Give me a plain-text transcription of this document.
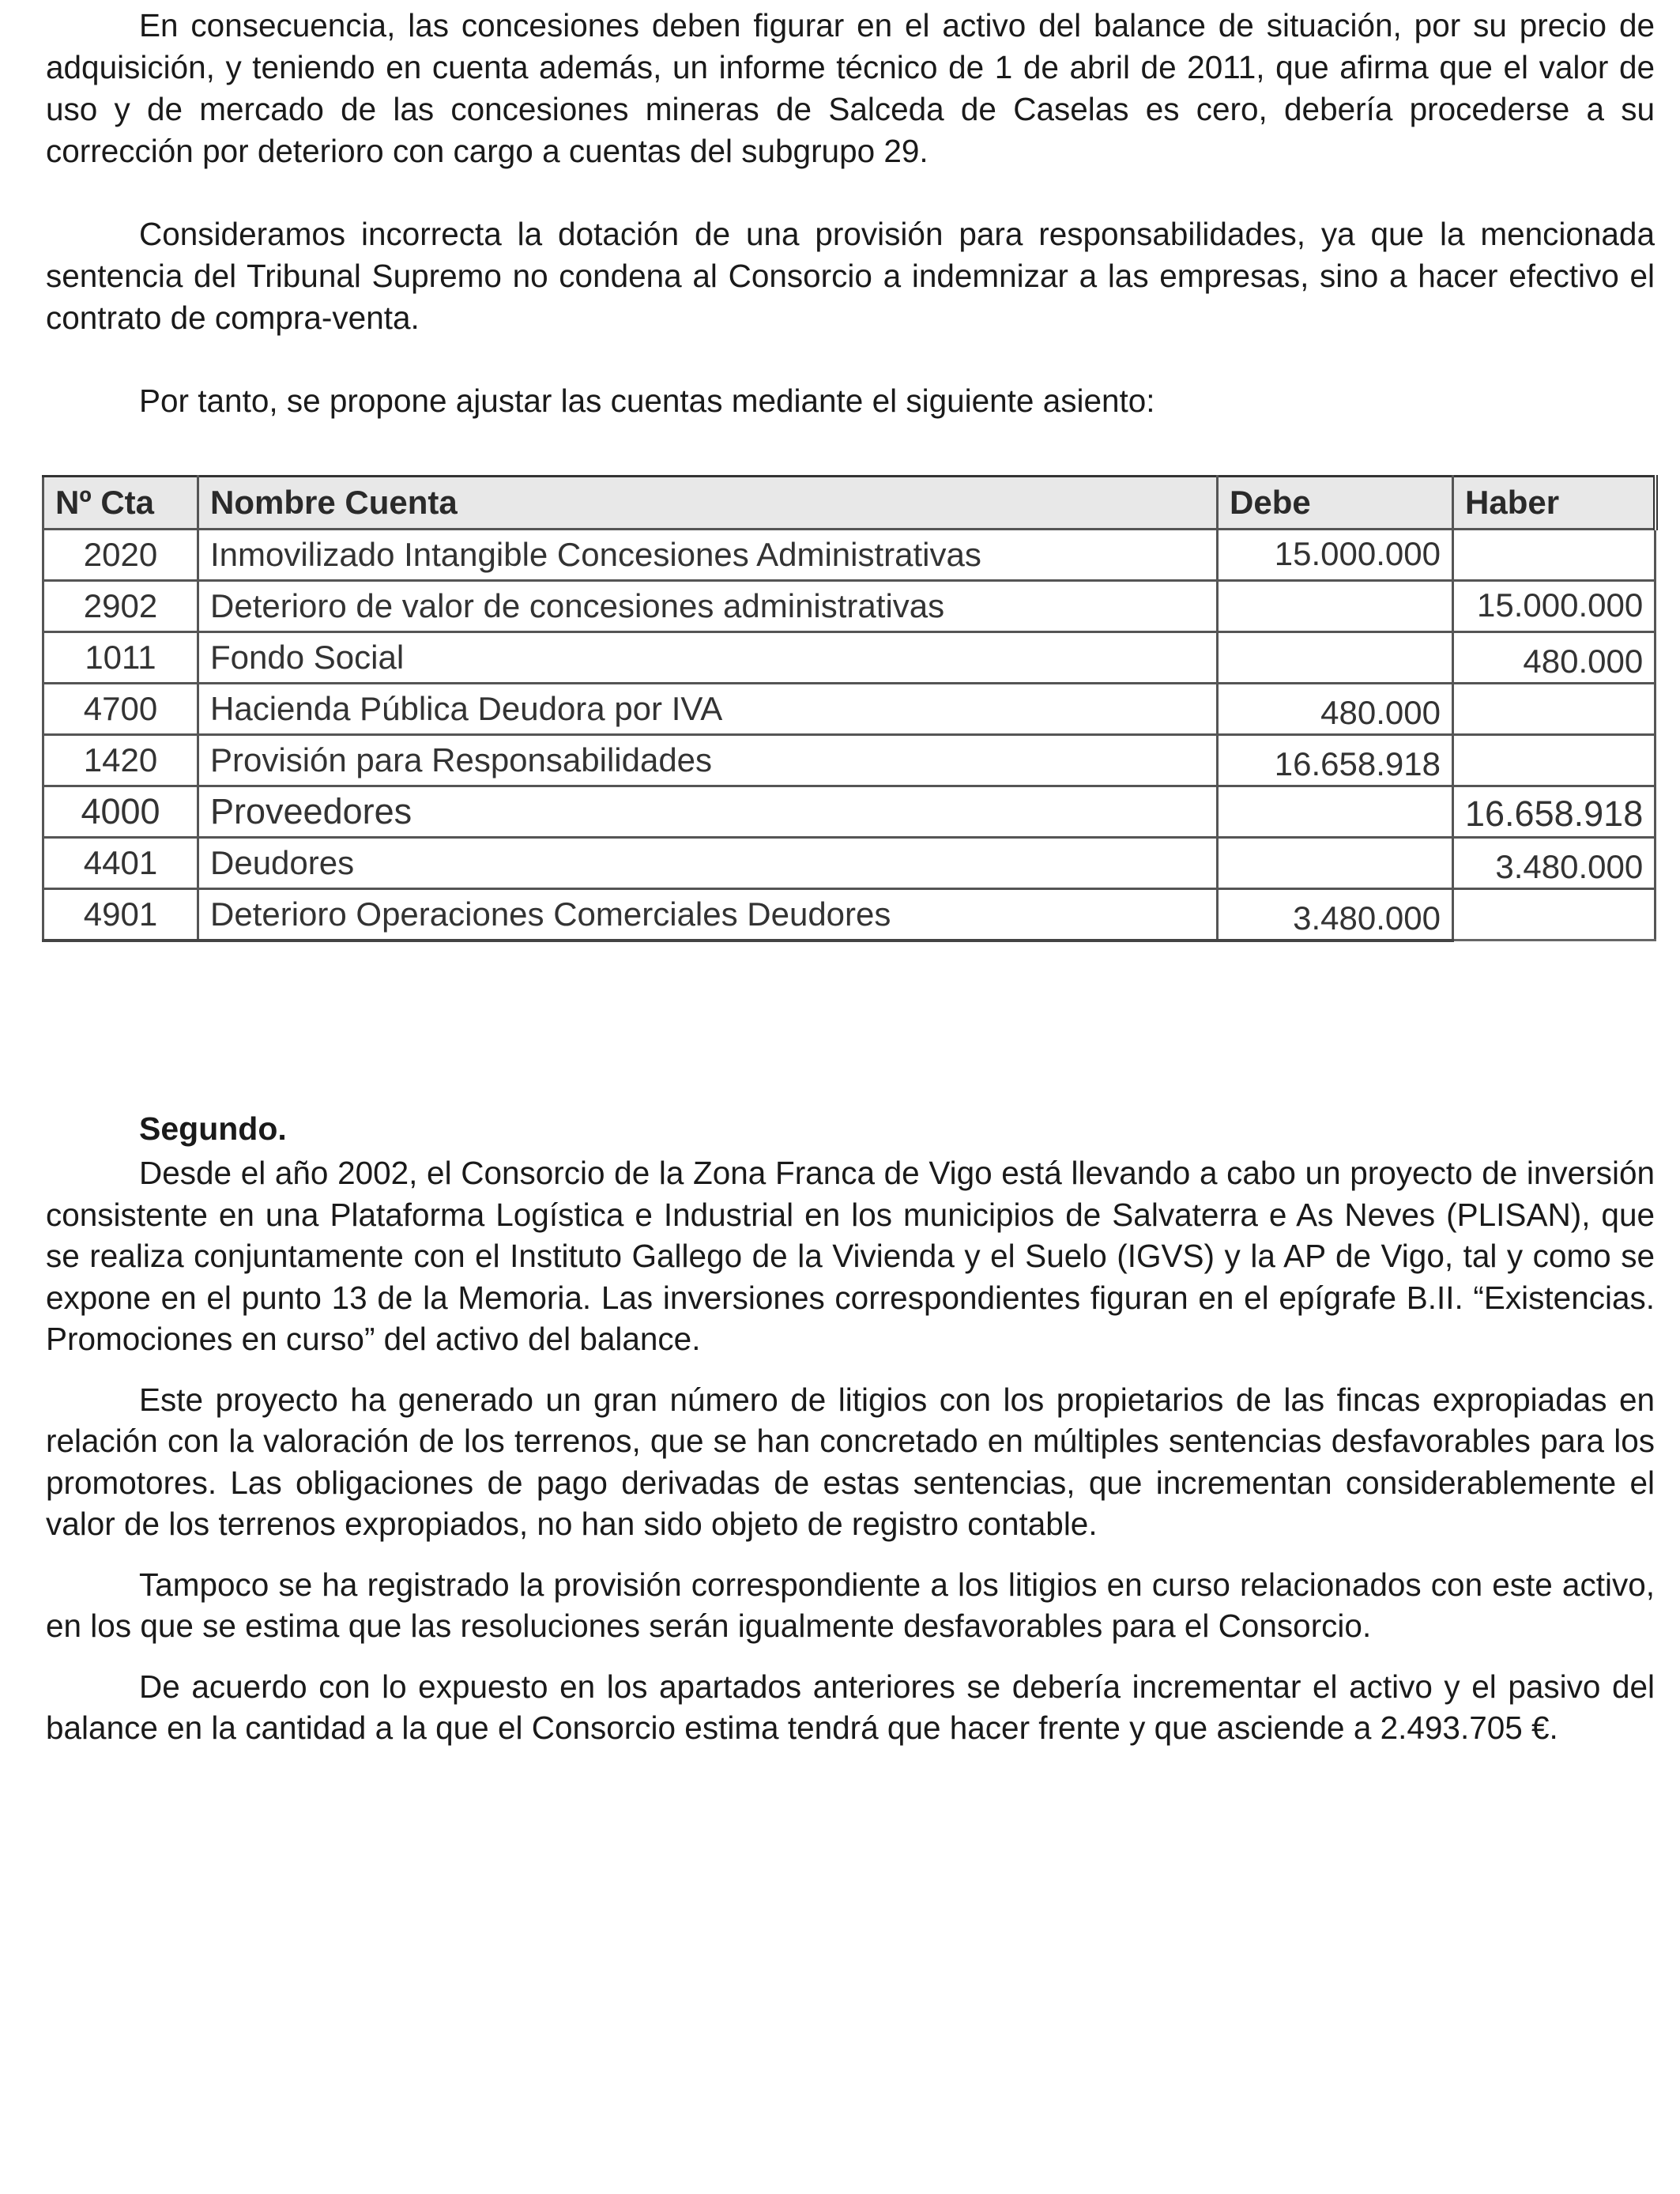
En consecuencia, las concesiones deben figurar en el activo del balance de situación, por su precio de adquisición, y teniendo en cuenta además, un informe técnico de 1 de abril de 2011, que afirma que el valor de uso y de mercado de las concesiones mineras de Salceda de Caselas es cero, debería procederse a su corrección por deterioro con cargo a cuentas del subgrupo 29.

Consideramos incorrecta la dotación de una provisión para responsabilidades, ya que la mencionada sentencia del Tribunal Supremo no condena al Consorcio a indemnizar a las empresas, sino a hacer efectivo el contrato de compra-venta.

Por tanto, se propone ajustar las cuentas mediante el siguiente asiento:

Nº Cta	Nombre Cuenta	Debe	Haber
2020	Inmovilizado Intangible Concesiones Administrativas	15.000.000	
2902	Deterioro de valor de concesiones administrativas		15.000.000
1011	Fondo Social		480.000
4700	Hacienda Pública Deudora por IVA	480.000	
1420	Provisión para Responsabilidades	16.658.918	
4000	Proveedores		16.658.918
4401	Deudores		3.480.000
4901	Deterioro Operaciones Comerciales Deudores	3.480.000	

Segundo.

Desde el año 2002, el Consorcio de la Zona Franca de Vigo está llevando a cabo un proyecto de inversión consistente en una Plataforma Logística e Industrial en los municipios de Salvaterra e As Neves (PLISAN), que se realiza conjuntamente con el Instituto Gallego de la Vivienda y el Suelo (IGVS) y la AP de Vigo, tal y como se expone en el punto 13 de la Memoria. Las inversiones correspondientes figuran en el epígrafe B.II. “Existencias. Promociones en curso” del activo del balance.

Este proyecto ha generado un gran número de litigios con los propietarios de las fincas expropiadas en relación con la valoración de los terrenos, que se han concretado en múltiples sentencias desfavorables para los promotores. Las obligaciones de pago derivadas de estas sentencias, que incrementan considerablemente el valor de los terrenos expropiados, no han sido objeto de registro contable.

Tampoco se ha registrado la provisión correspondiente a los litigios en curso relacionados con este activo, en los que se estima que las resoluciones serán igualmente desfavorables para el Consorcio.

De acuerdo con lo expuesto en los apartados anteriores se debería incrementar el activo y el pasivo del balance en la cantidad a la que el Consorcio estima tendrá que hacer frente y que asciende a 2.493.705 €.
